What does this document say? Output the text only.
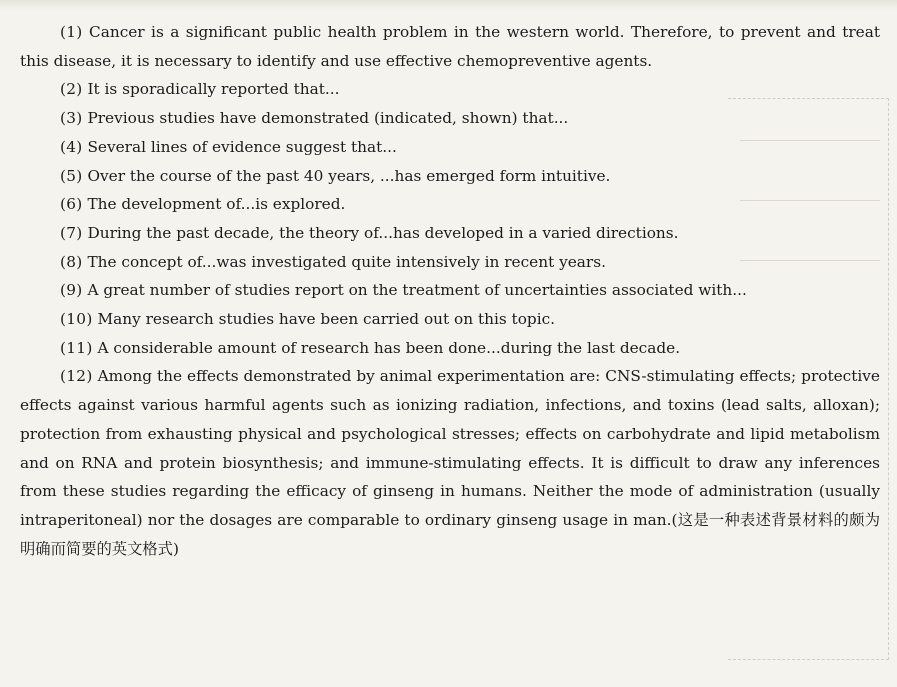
(1) Cancer is a significant public health problem in the western world. Therefore, to prevent and treat this disease, it is necessary to identify and use effective chemopreventive agents.

(2) It is sporadically reported that...

(3) Previous studies have demonstrated (indicated, shown) that...

(4) Several lines of evidence suggest that...

(5) Over the course of the past 40 years, ...has emerged form intuitive.

(6) The development of...is explored.

(7) During the past decade, the theory of...has developed in a varied directions.

(8) The concept of...was investigated quite intensively in recent years.

(9) A great number of studies report on the treatment of uncertainties associated with...

(10) Many research studies have been carried out on this topic.

(11) A considerable amount of research has been done...during the last decade.

(12) Among the effects demonstrated by animal experimentation are: CNS-stimulating effects; protective effects against various harmful agents such as ionizing radiation, infections, and toxins (lead salts, alloxan); protection from exhausting physical and psychological stresses; effects on carbohydrate and lipid metabolism and on RNA and protein biosynthesis; and immune-stimulating effects. It is difficult to draw any inferences from these studies regarding the efficacy of ginseng in humans. Neither the mode of administration (usually intraperitoneal) nor the dosages are comparable to ordinary ginseng usage in man.(这是一种表述背景材料的颇为明确而简要的英文格式)
